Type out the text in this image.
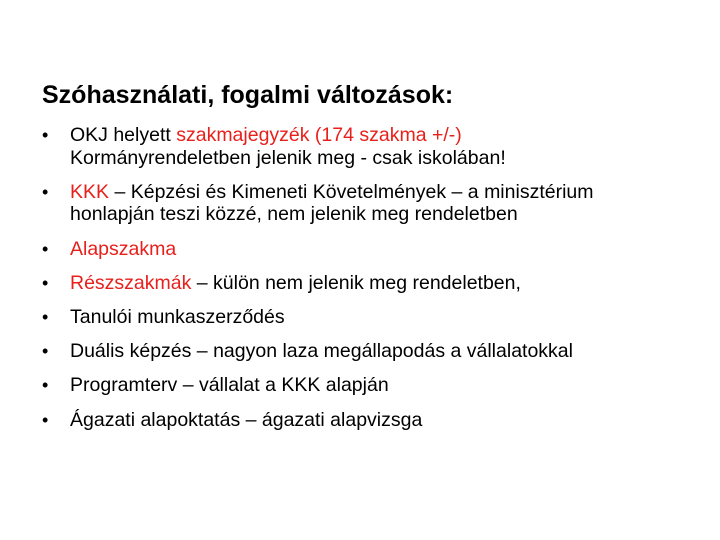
Szóhasználati, fogalmi változások:
•	OKJ helyett szakmajegyzék (174 szakma +/-)
Kormányrendeletben jelenik meg - csak iskolában!
•	KKK – Képzési és Kimeneti Követelmények – a minisztérium
honlapján teszi közzé, nem jelenik meg rendeletben
•	Alapszakma
•	Részszakmák – külön nem jelenik meg rendeletben,
•	Tanulói munkaszerződés
•	Duális képzés – nagyon laza megállapodás a vállalatokkal
•	Programterv – vállalat a KKK alapján
•	Ágazati alapoktatás – ágazati alapvizsga
